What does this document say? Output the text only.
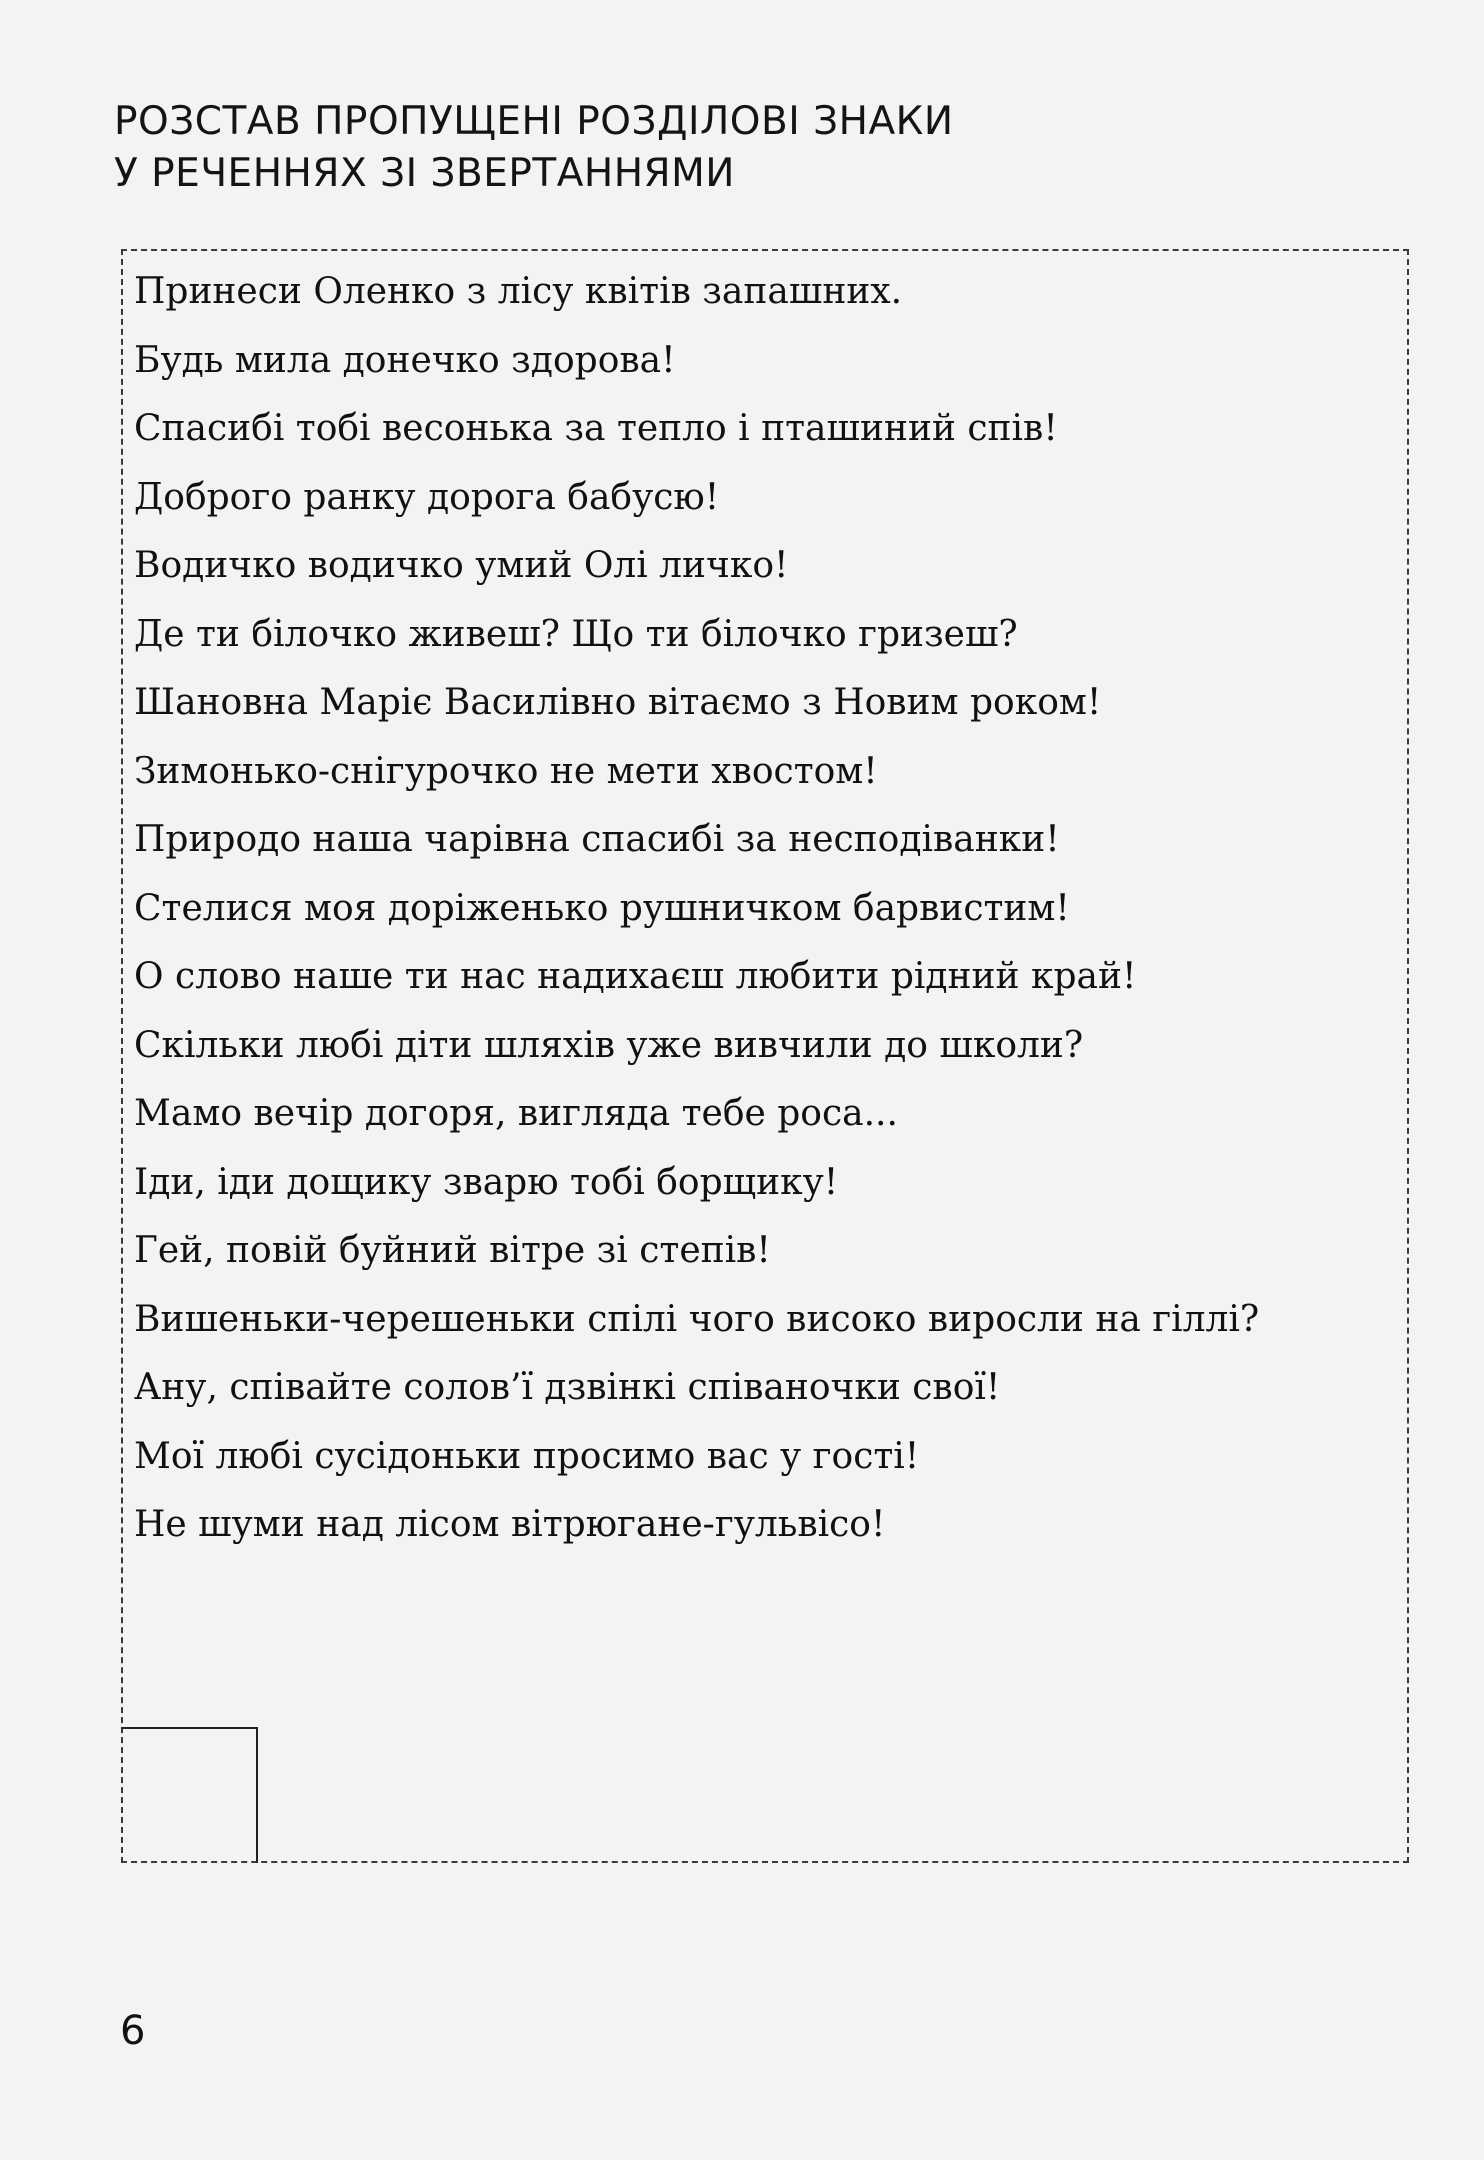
РОЗСТАВ ПРОПУЩЕНІ РОЗДІЛОВІ ЗНАКИ
У РЕЧЕННЯХ ЗІ ЗВЕРТАННЯМИ
Принеси Оленко з лісу квітів запашних.
Будь мила донечко здорова!
Спасибі тобі весонька за тепло і пташиний спів!
Доброго ранку дорога бабусю!
Водичко водичко умий Олі личко!
Де ти білочко живеш? Що ти білочко гризеш?
Шановна Маріє Василівно вітаємо з Новим роком!
Зимонько-снігурочко не мети хвостом!
Природо наша чарівна спасибі за несподіванки!
Стелися моя доріженько рушничком барвистим!
О слово наше ти нас надихаєш любити рідний край!
Скільки любі діти шляхів уже вивчили до школи?
Мамо вечір догоря, вигляда тебе роса...
Іди, іди дощику зварю тобі борщику!
Гей, повій буйний вітре зі степів!
Вишеньки-черешеньки спілі чого високо виросли на гіллі?
Ану, співайте солов’ї дзвінкі співаночки свої!
Мої любі сусідоньки просимо вас у гості!
Не шуми над лісом вітрюгане-гульвісо!

6
